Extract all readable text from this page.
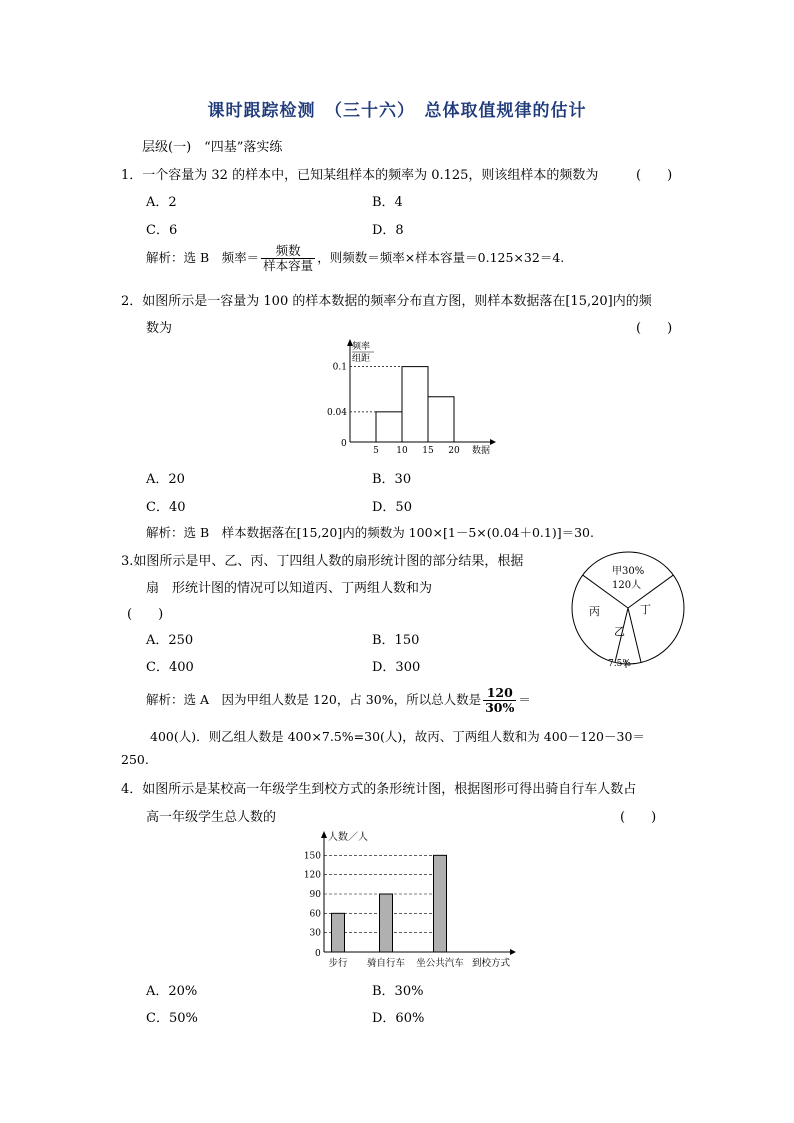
课时跟踪检测　（三十六）　总体取值规律的估计
层级(一)　“四基”落实练
1．一个容量为 32 的样本中，已知某组样本的频率为 0.125，则该组样本的频数为	(　　)
A．2	B．4
C．6	D．8
解析：选 B　频率＝ $\frac{\text{频数}}{\text{样本容量}}$ ，则频数＝频率×样本容量＝0.125×32＝4.
2．如图所示是一容量为 100 的样本数据的频率分布直方图，则样本数据落在[15,20]内的频
数为	(　　)
5 10 15 20
0.04
0.1
频率
组距
0
数据
A．20	B．30
C．40	D．50
解析：选 B　样本数据落在[15,20]内的频数为 100×[1－5×(0.04＋0.1)]＝30.
3.如图所示是甲、乙、丙、丁四组人数的扇形统计图的部分结果，根据
扇　形统计图的情况可以知道丙、丁两组人数和为
(　　)
A．250	B．150
C．400	D．300
甲30%
120人
丙	丁
乙
7.5%
解析：选 A　因为甲组人数是 120，占 30%，所以总人数是 $\frac{120}{30\%}$ ＝
400(人)．则乙组人数是 400×7.5%=30(人)，故丙、丁两组人数和为 400－120－30＝
250.
4．如图所示是某校高一年级学生到校方式的条形统计图，根据图形可得出骑自行车人数占
高一年级学生总人数的	(　　)
30
60
90
120
150
步行 骑自行车 坐公共汽车
人数／人
0
到校方式
A．20%	B．30%
C．50%	D．60%
